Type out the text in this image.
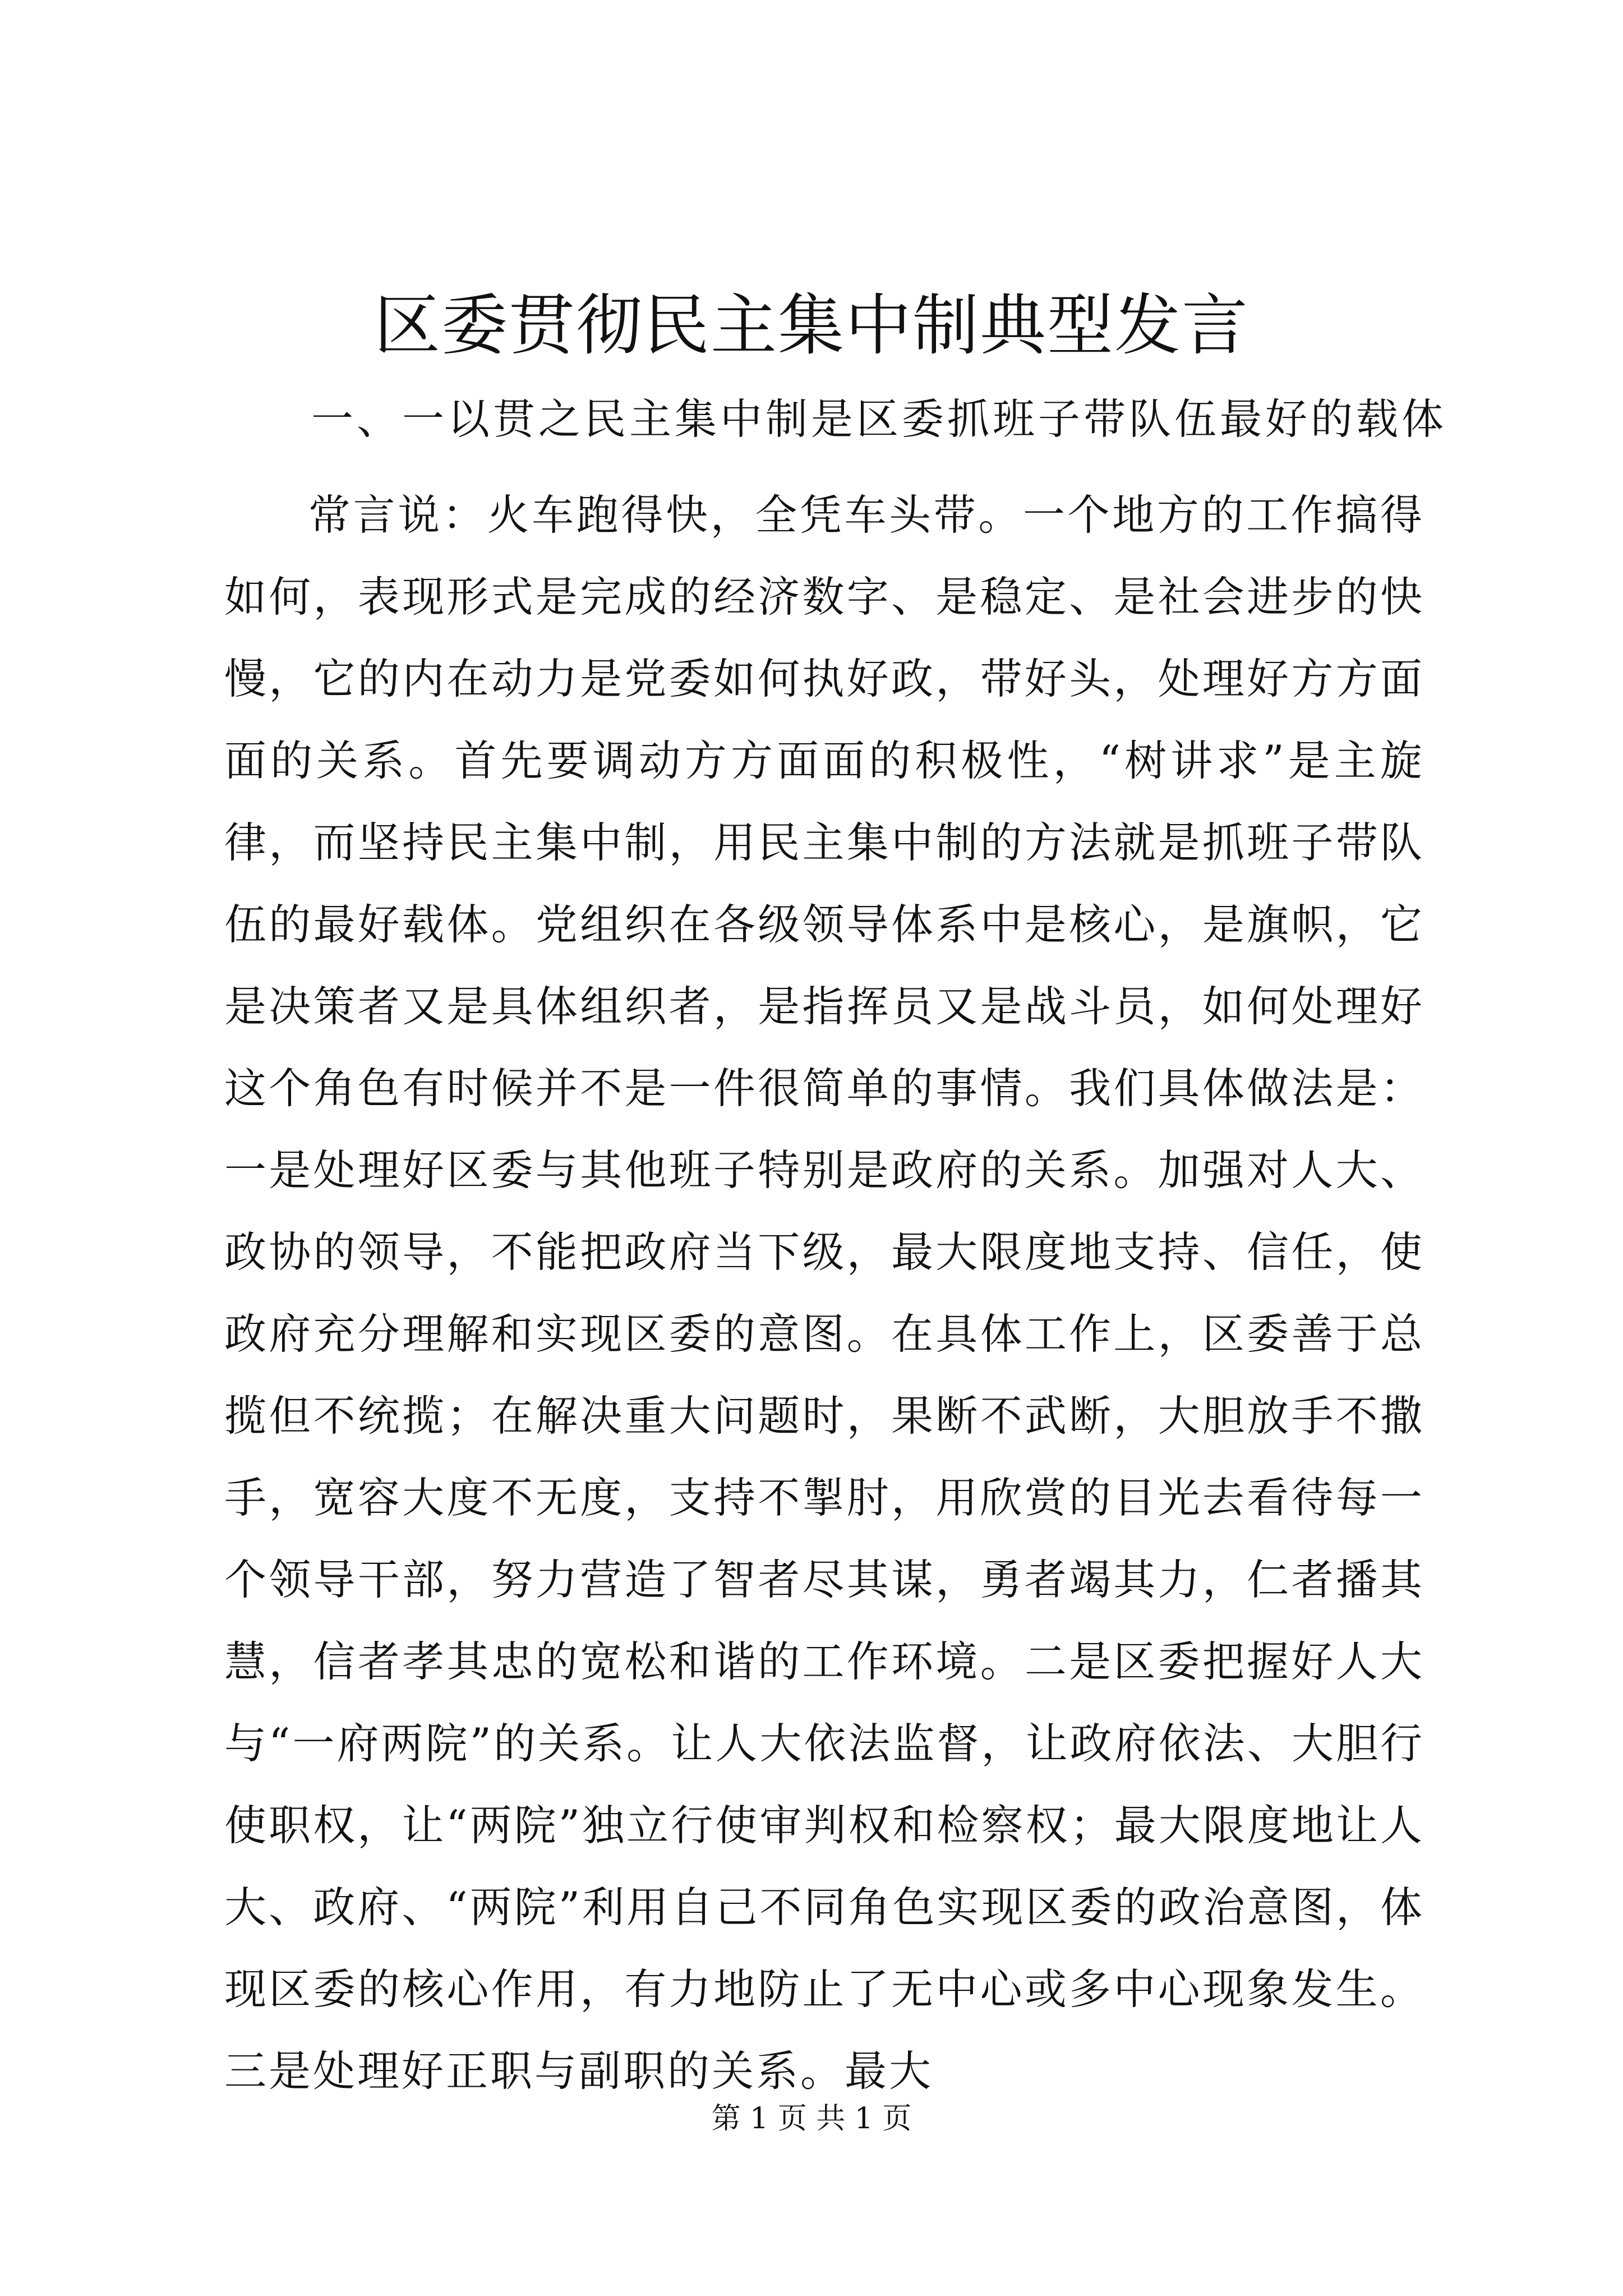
区委贯彻民主集中制典型发言

一、一以贯之民主集中制是区委抓班子带队伍最好的载体

常言说：火车跑得快，全凭车头带。一个地方的工作搞得如何，表现形式是完成的经济数字、是稳定、是社会进步的快慢，它的内在动力是党委如何执好政，带好头，处理好方方面面的关系。首先要调动方方面面的积极性，“树讲求”是主旋律，而坚持民主集中制，用民主集中制的方法就是抓班子带队伍的最好载体。党组织在各级领导体系中是核心，是旗帜，它是决策者又是具体组织者，是指挥员又是战斗员，如何处理好这个角色有时候并不是一件很简单的事情。我们具体做法是：一是处理好区委与其他班子特别是政府的关系。加强对人大、政协的领导，不能把政府当下级，最大限度地支持、信任，使政府充分理解和实现区委的意图。在具体工作上，区委善于总揽但不统揽；在解决重大问题时，果断不武断，大胆放手不撒手，宽容大度不无度，支持不掣肘，用欣赏的目光去看待每一个领导干部，努力营造了智者尽其谋，勇者竭其力，仁者播其慧，信者孝其忠的宽松和谐的工作环境。二是区委把握好人大与“一府两院”的关系。让人大依法监督，让政府依法、大胆行使职权，让“两院”独立行使审判权和检察权；最大限度地让人大、政府、“两院”利用自己不同角色实现区委的政治意图，体现区委的核心作用，有力地防止了无中心或多中心现象发生。三是处理好正职与副职的关系。最大

第 1 页 共 1 页
